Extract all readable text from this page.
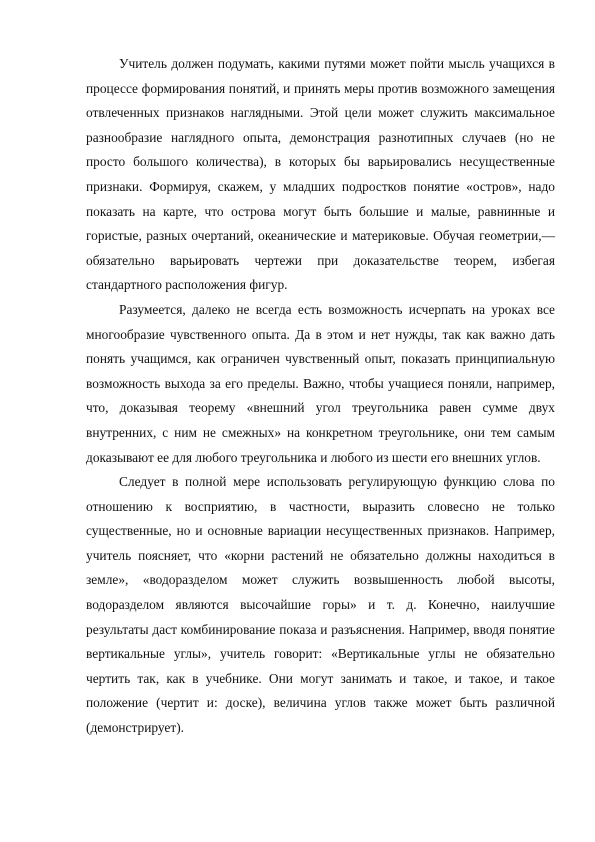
Учитель должен подумать, какими путями может пойти мысль учащихся в процессе формирования понятий, и принять меры против возможного замещения отвлеченных признаков наглядными. Этой цели может служить максимальное разнообразие наглядного опыта, демонстрация разнотипных случаев (но не просто большого количества), в которых бы варьировались несущественные признаки. Формируя, скажем, у младших подростков понятие «остров», надо показать на карте, что острова могут быть большие и малые, равнинные и гористые, разных очертаний, океанические и материковые. Обучая геометрии,— обязательно варьировать чертежи при доказательстве теорем, избегая стандартного расположения фигур.

Разумеется, далеко не всегда есть возможность исчерпать на уроках все многообразие чувственного опыта. Да в этом и нет нужды, так как важно дать понять учащимся, как ограничен чувственный опыт, показать принципиальную возможность выхода за его пределы. Важно, чтобы учащиеся поняли, например, что, доказывая теорему «внешний угол треугольника равен сумме двух внутренних, с ним не смежных» на конкретном треугольнике, они тем самым доказывают ее для любого треугольника и любого из шести его внешних углов.

Следует в полной мере использовать регулирующую функцию слова по отношению к восприятию, в частности, выразить словесно не только существенные, но и основные вариации несущественных признаков. Например, учитель поясняет, что «корни растений не обязательно должны находиться в земле», «водоразделом может служить возвышенность любой высоты, водоразделом являются высочайшие горы» и т. д. Конечно, наилучшие результаты даст комбинирование показа и разъяснения. Например, вводя понятие вертикальные углы», учитель говорит: «Вертикальные углы не обязательно чертить так, как в учебнике. Они могут занимать и такое, и такое, и такое положение (чертит и: доске), величина углов также может быть различной (демонстрирует).
